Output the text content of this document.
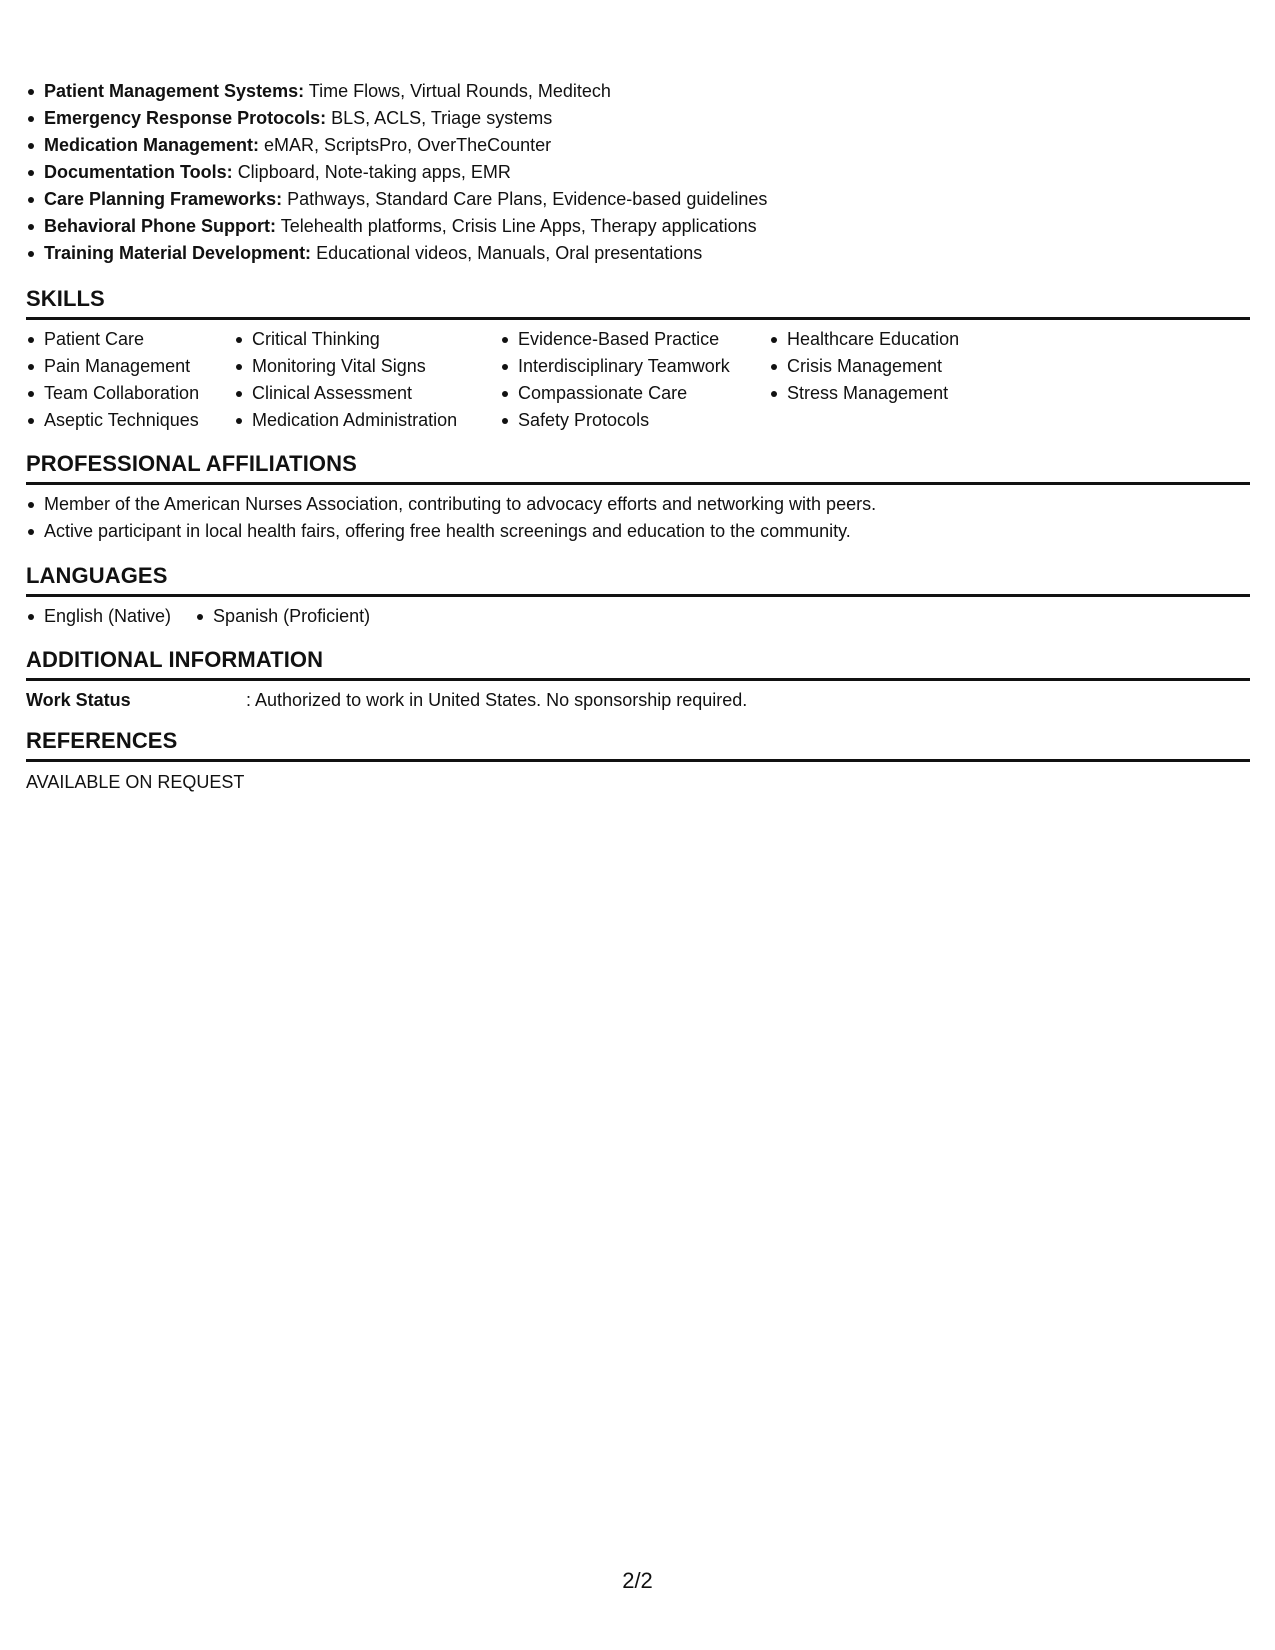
Patient Management Systems: Time Flows, Virtual Rounds, Meditech
Emergency Response Protocols: BLS, ACLS, Triage systems
Medication Management: eMAR, ScriptsPro, OverTheCounter
Documentation Tools: Clipboard, Note-taking apps, EMR
Care Planning Frameworks: Pathways, Standard Care Plans, Evidence-based guidelines
Behavioral Phone Support: Telehealth platforms, Crisis Line Apps, Therapy applications
Training Material Development: Educational videos, Manuals, Oral presentations
SKILLS
Patient Care
Pain Management
Team Collaboration
Aseptic Techniques
Critical Thinking
Monitoring Vital Signs
Clinical Assessment
Medication Administration
Evidence-Based Practice
Interdisciplinary Teamwork
Compassionate Care
Safety Protocols
Healthcare Education
Crisis Management
Stress Management
PROFESSIONAL AFFILIATIONS
Member of the American Nurses Association, contributing to advocacy efforts and networking with peers.
Active participant in local health fairs, offering free health screenings and education to the community.
LANGUAGES
English (Native)	Spanish (Proficient)
ADDITIONAL INFORMATION
Work Status	: Authorized to work in United States. No sponsorship required.
REFERENCES
AVAILABLE ON REQUEST
2/2
